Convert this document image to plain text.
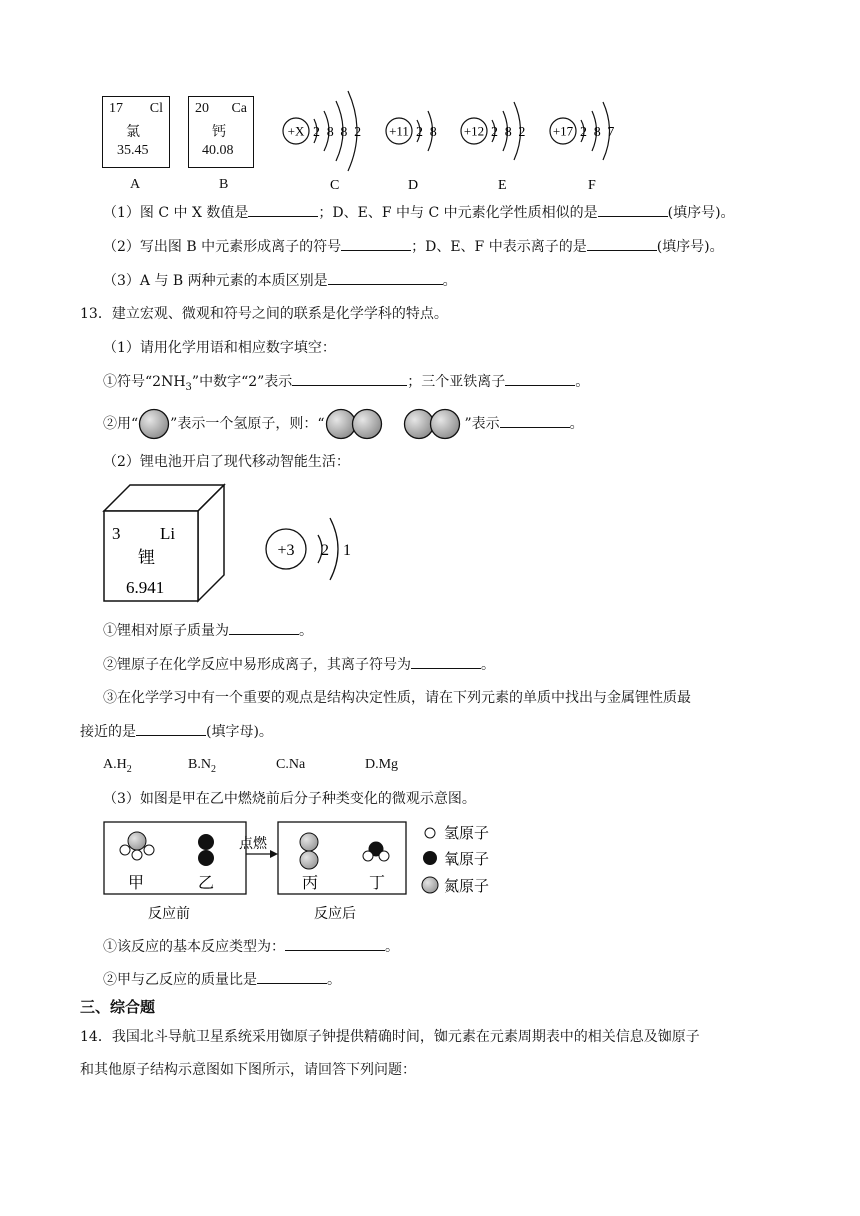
17 Cl
氯
35.45
20 Ca
钙
40.08
A	B
+X 2 8 8 2 +11 2 8 +12 2 8 2 +17 2 8 7
C	D	E	F
（1）图 C 中 X 数值是	；D、E、F 中与 C 中元素化学性质相似的是	(填序号)。
（2）写出图 B 中元素形成离子的符号	；D、E、F 中表示离子的是	(填序号)。
（3）A 与 B 两种元素的本质区别是	。
13．建立宏观、微观和符号之间的联系是化学学科的特点。
（1）请用化学用语和相应数字填空：
①符号“$2NH_3$”中数字“2”表示	；三个亚铁离子	。
②用“ ”表示一个氢原子，则：“	”表示	。
（2）锂电池开启了现代移动智能生活：
3 Li
锂
6.941
+3 2 1
①锂相对原子质量为	。
②锂原子在化学反应中易形成离子，其离子符号为	。
③在化学学习中有一个重要的观点是结构决定性质，请在下列元素的单质中找出与金属锂性质最
接近的是	(填字母)。
$A.H_2$	$B.N_2$	C.Na	D.Mg
（3）如图是甲在乙中燃烧前后分子种类变化的微观示意图。
点燃
甲	乙	丙	丁
反应前	反应后
氢原子
氧原子
氮原子
①该反应的基本反应类型为：	。
②甲与乙反应的质量比是	。
三、综合题
14．我国北斗导航卫星系统采用铷原子钟提供精确时间，铷元素在元素周期表中的相关信息及铷原子
和其他原子结构示意图如下图所示，请回答下列问题：
